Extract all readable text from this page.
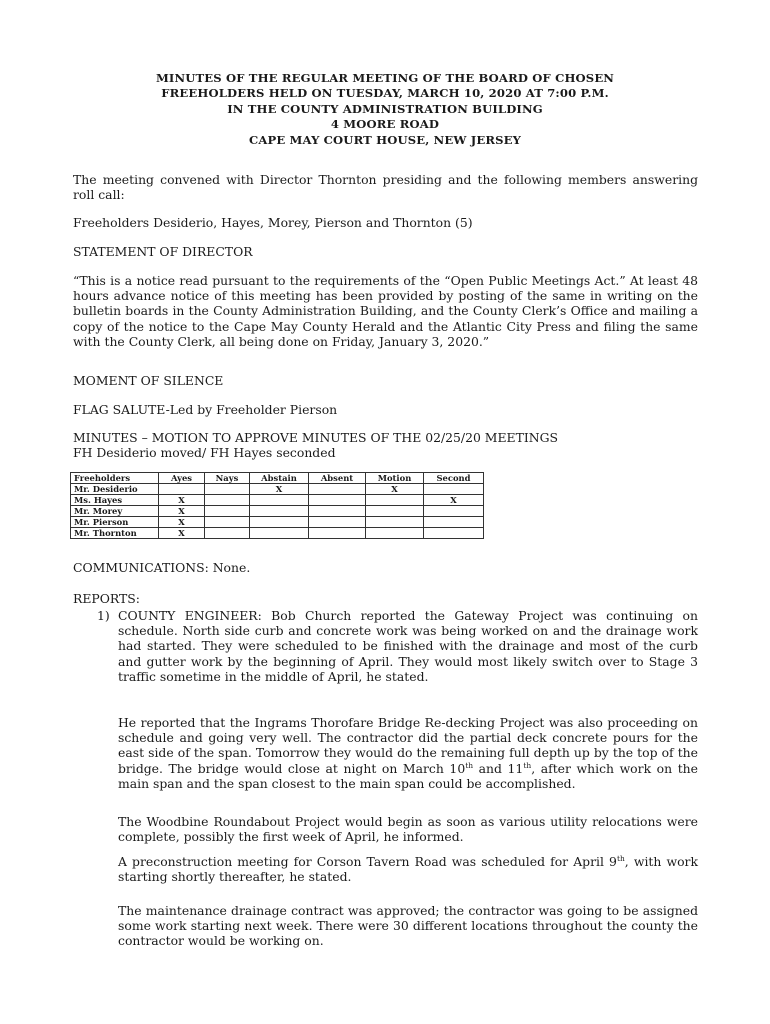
MINUTES OF THE REGULAR MEETING OF THE BOARD OF CHOSEN
FREEHOLDERS HELD ON TUESDAY, MARCH 10, 2020 AT 7:00 P.M.
IN THE COUNTY ADMINISTRATION BUILDING
4 MOORE ROAD
CAPE MAY COURT HOUSE, NEW JERSEY
The meeting convened with Director Thornton presiding and the following members answering roll call:
Freeholders Desiderio, Hayes, Morey, Pierson and Thornton (5)
STATEMENT OF DIRECTOR
“This is a notice read pursuant to the requirements of the “Open Public Meetings Act.” At least 48 hours advance notice of this meeting has been provided by posting of the same in writing on the bulletin boards in the County Administration Building, and the County Clerk’s Office and mailing a copy of the notice to the Cape May County Herald and the Atlantic City Press and filing the same with the County Clerk, all being done on Friday, January 3, 2020.”
MOMENT OF SILENCE
FLAG SALUTE-Led by Freeholder Pierson
MINUTES – MOTION TO APPROVE MINUTES OF THE 02/25/20 MEETINGS
FH Desiderio moved/ FH Hayes seconded
Freeholders	Ayes	Nays	Abstain	Absent	Motion	Second
Mr. Desiderio			X		X	
Ms. Hayes	X					X
Mr. Morey	X					
Mr. Pierson	X					
Mr. Thornton	X					
COMMUNICATIONS: None.
REPORTS:
1) COUNTY ENGINEER: Bob Church reported the Gateway Project was continuing on schedule. North side curb and concrete work was being worked on and the drainage work had started. They were scheduled to be finished with the drainage and most of the curb and gutter work by the beginning of April. They would most likely switch over to Stage 3 traffic sometime in the middle of April, he stated.
He reported that the Ingrams Thorofare Bridge Re-decking Project was also proceeding on schedule and going very well. The contractor did the partial deck concrete pours for the east side of the span. Tomorrow they would do the remaining full depth up by the top of the bridge. The bridge would close at night on March 10th and 11th, after which work on the main span and the span closest to the main span could be accomplished.
The Woodbine Roundabout Project would begin as soon as various utility relocations were complete, possibly the first week of April, he informed.
A preconstruction meeting for Corson Tavern Road was scheduled for April 9th, with work starting shortly thereafter, he stated.
The maintenance drainage contract was approved; the contractor was going to be assigned some work starting next week. There were 30 different locations throughout the county the contractor would be working on.
